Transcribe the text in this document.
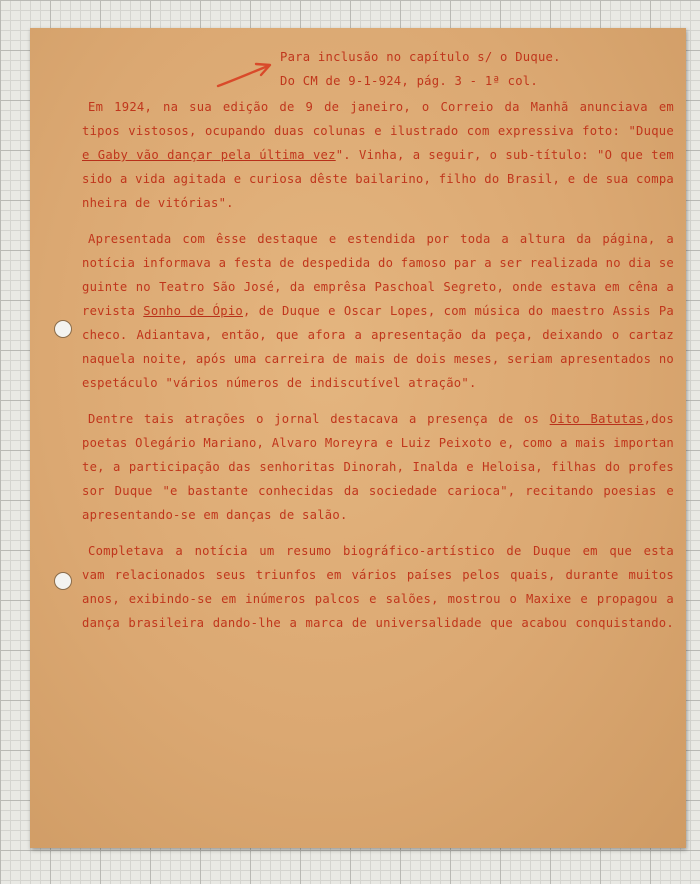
Para inclusão no capítulo s/ o Duque.
Do CM de 9-1-924, pág. 3 - 1ª col.
Em 1924, na sua edição de 9 de janeiro, o Correio da Manhã anunciava em
tipos vistosos, ocupando duas colunas e ilustrado com expressiva foto: "Duque
e Gaby vão dançar pela última vez". Vinha, a seguir, o sub-título: "O que tem
sido a vida agitada e curiosa dêste bailarino, filho do Brasil, e de sua compa
nheira de vitórias".
Apresentada com êsse destaque e estendida por toda a altura da página, a
notícia informava a festa de despedida do famoso par a ser realizada no dia se
guinte no Teatro São José, da emprêsa Paschoal Segreto, onde estava em cêna a
revista Sonho de Ópio, de Duque e Oscar Lopes, com música do maestro Assis Pa
checo. Adiantava, então, que afora a apresentação da peça, deixando o cartaz
naquela noite, após uma carreira de mais de dois meses, seriam apresentados no
espetáculo "vários números de indiscutível atração".
Dentre tais atrações o jornal destacava a presença de os Oito Batutas,dos
poetas Olegário Mariano, Alvaro Moreyra e Luiz Peixoto e, como a mais importan
te, a participação das senhoritas Dinorah, Inalda e Heloisa, filhas do profes
sor Duque "e bastante conhecidas da sociedade carioca", recitando poesias e
apresentando-se em danças de salão.
Completava a notícia um resumo biográfico-artístico de Duque em que esta
vam relacionados seus triunfos em vários países pelos quais, durante muitos
anos, exibindo-se em inúmeros palcos e salões, mostrou o Maxixe e propagou a
dança brasileira dando-lhe a marca de universalidade que acabou conquistando.
